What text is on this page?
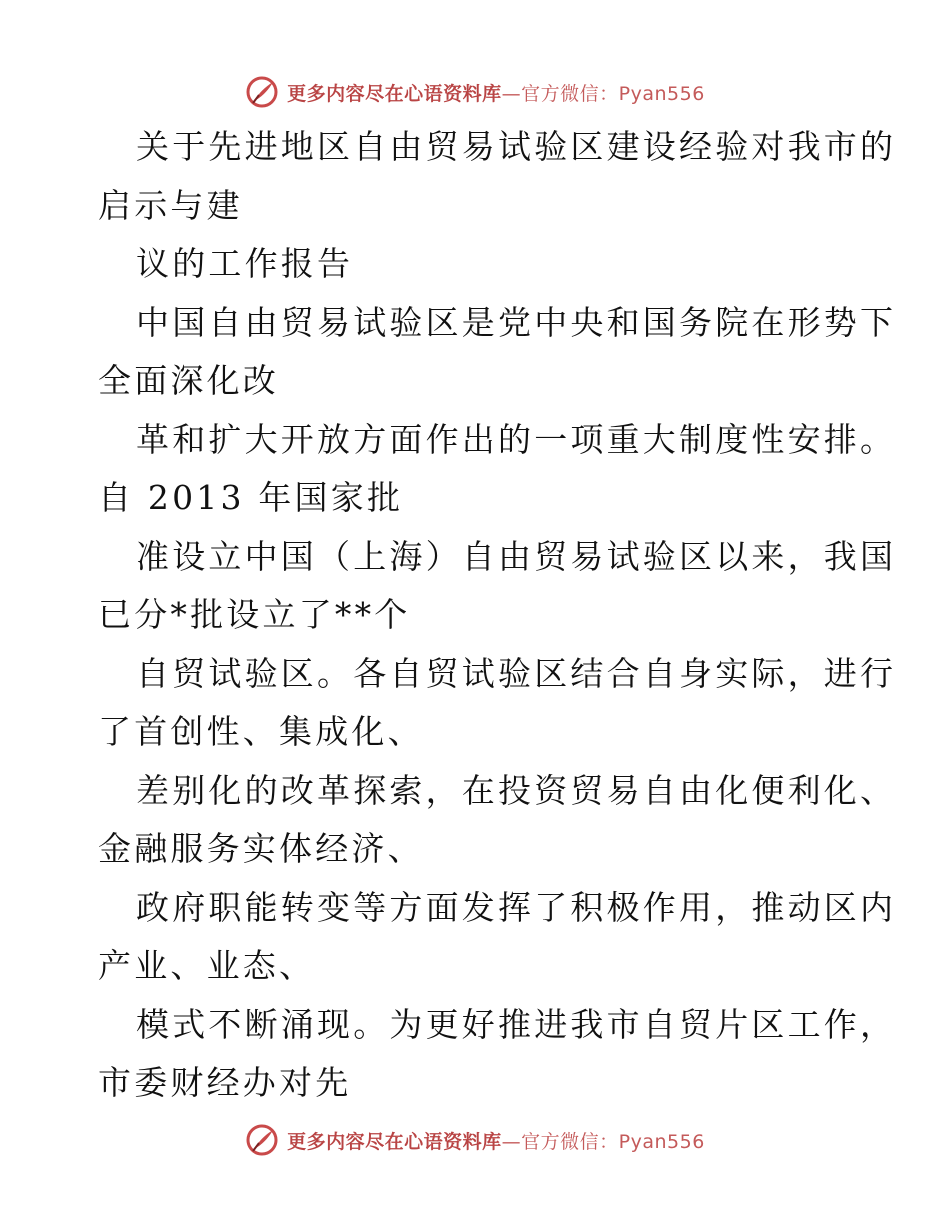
更多内容尽在心语资料库—官方微信：Pyan556

关于先进地区自由贸易试验区建设经验对我市的
启示与建

议的工作报告

中国自由贸易试验区是党中央和国务院在形势下
全面深化改

革和扩大开放方面作出的一项重大制度性安排。
自 2013 年国家批

准设立中国（上海）自由贸易试验区以来，我国
已分*批设立了**个

自贸试验区。各自贸试验区结合自身实际，进行
了首创性、集成化、

差别化的改革探索，在投资贸易自由化便利化、
金融服务实体经济、

政府职能转变等方面发挥了积极作用，推动区内
产业、业态、

模式不断涌现。为更好推进我市自贸片区工作，
市委财经办对先

更多内容尽在心语资料库—官方微信：Pyan556
